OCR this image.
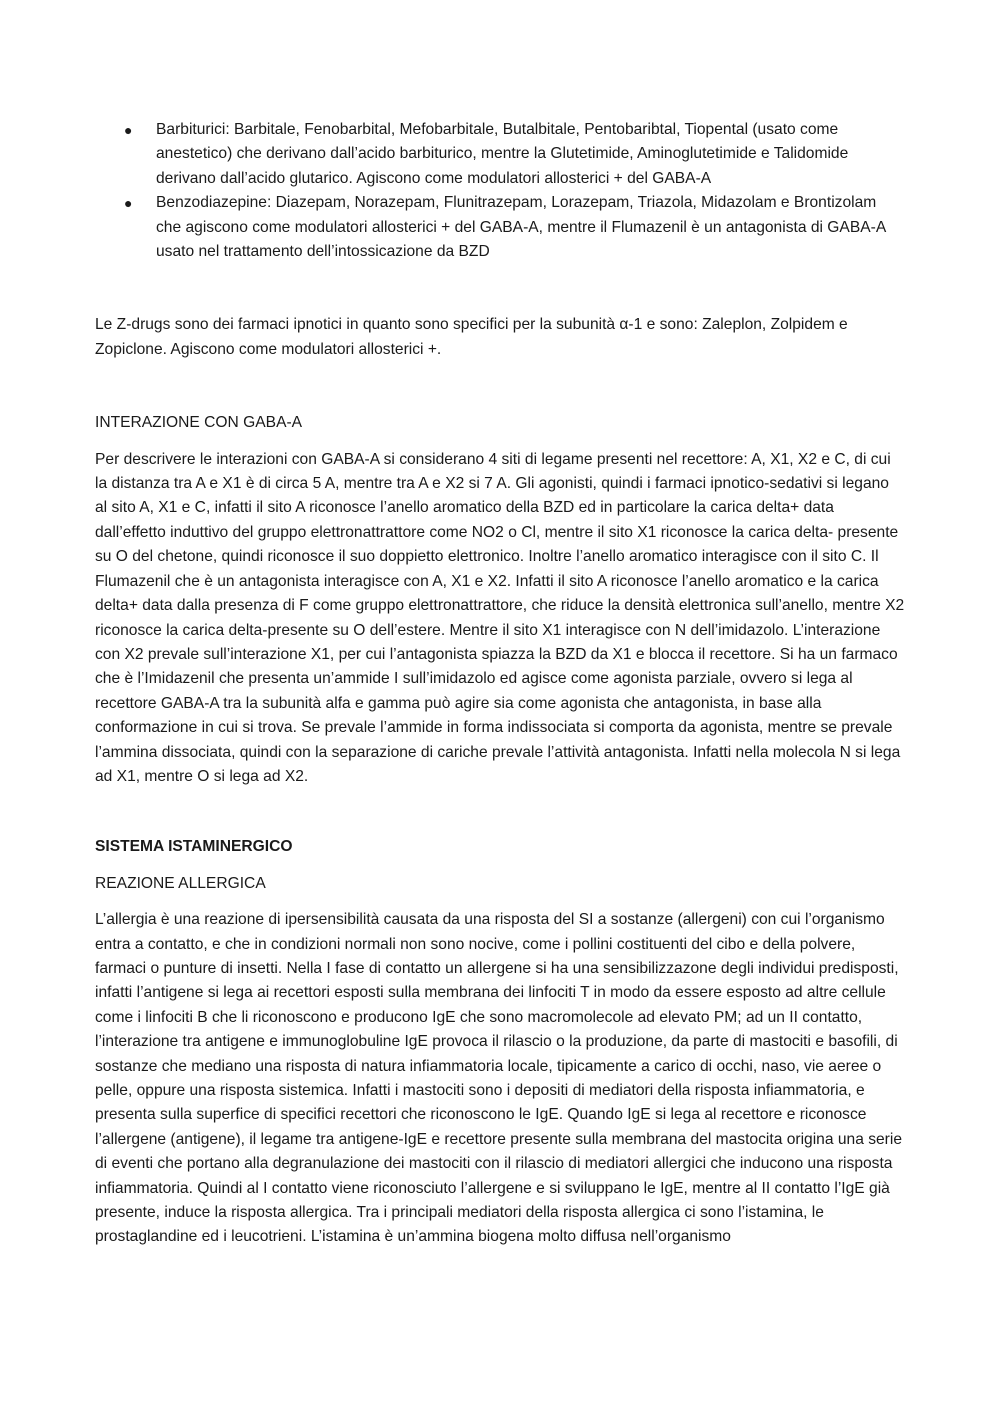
● Barbiturici: Barbitale, Fenobarbital, Mefobarbitale, Butalbitale, Pentobaribtal, Tiopental (usato come anestetico) che derivano dall’acido barbiturico, mentre la Glutetimide, Aminoglutetimide e Talidomide derivano dall’acido glutarico. Agiscono come modulatori allosterici + del GABA-A
● Benzodiazepine: Diazepam, Norazepam, Flunitrazepam, Lorazepam, Triazola, Midazolam e Brontizolam che agiscono come modulatori allosterici + del GABA-A, mentre il Flumazenil è un antagonista di GABA-A usato nel trattamento dell’intossicazione da BZD

Le Z-drugs sono dei farmaci ipnotici in quanto sono specifici per la subunità α-1 e sono: Zaleplon, Zolpidem e Zopiclone. Agiscono come modulatori allosterici +.

INTERAZIONE CON GABA-A

Per descrivere le interazioni con GABA-A si considerano 4 siti di legame presenti nel recettore: A, X1, X2 e C, di cui la distanza tra A e X1 è di circa 5 A, mentre tra A e X2 si 7 A. Gli agonisti, quindi i farmaci ipnotico-sedativi si legano al sito A, X1 e C, infatti il sito A riconosce l’anello aromatico della BZD ed in particolare la carica delta+ data dall’effetto induttivo del gruppo elettronattrattore come NO2 o Cl, mentre il sito X1 riconosce la carica delta- presente su O del chetone, quindi riconosce il suo doppietto elettronico. Inoltre l’anello aromatico interagisce con il sito C. Il Flumazenil che è un antagonista interagisce con A, X1 e X2. Infatti il sito A riconosce l’anello aromatico e la carica delta+ data dalla presenza di F come gruppo elettronattrattore, che riduce la densità elettronica sull’anello, mentre X2 riconosce la carica delta-presente su O dell’estere. Mentre il sito X1 interagisce con N dell’imidazolo. L’interazione con X2 prevale sull’interazione X1, per cui l’antagonista spiazza la BZD da X1 e blocca il recettore. Si ha un farmaco che è l’Imidazenil che presenta un’ammide I sull’imidazolo ed agisce come agonista parziale, ovvero si lega al recettore GABA-A tra la subunità alfa e gamma può agire sia come agonista che antagonista, in base alla conformazione in cui si trova. Se prevale l’ammide in forma indissociata si comporta da agonista, mentre se prevale l’ammina dissociata, quindi con la separazione di cariche prevale l’attività antagonista. Infatti nella molecola N si lega ad X1, mentre O si lega ad X2.

SISTEMA ISTAMINERGICO

REAZIONE ALLERGICA

L’allergia è una reazione di ipersensibilità causata da una risposta del SI a sostanze (allergeni) con cui l’organismo entra a contatto, e che in condizioni normali non sono nocive, come i pollini costituenti del cibo e della polvere, farmaci o punture di insetti. Nella I fase di contatto un allergene si ha una sensibilizzazone degli individui predisposti, infatti l’antigene si lega ai recettori esposti sulla membrana dei linfociti T in modo da essere esposto ad altre cellule come i linfociti B che li riconoscono e producono IgE che sono macromolecole ad elevato PM; ad un II contatto, l’interazione tra antigene e immunoglobuline IgE provoca il rilascio o la produzione, da parte di mastociti e basofili, di sostanze che mediano una risposta di natura infiammatoria locale, tipicamente a carico di occhi, naso, vie aeree o pelle, oppure una risposta sistemica. Infatti i mastociti sono i depositi di mediatori della risposta infiammatoria, e presenta sulla superfice di specifici recettori che riconoscono le IgE. Quando IgE si lega al recettore e riconosce l’allergene (antigene), il legame tra antigene-IgE e recettore presente sulla membrana del mastocita origina una serie di eventi che portano alla degranulazione dei mastociti con il rilascio di mediatori allergici che inducono una risposta infiammatoria. Quindi al I contatto viene riconosciuto l’allergene e si sviluppano le IgE, mentre al II contatto l’IgE già presente, induce la risposta allergica. Tra i principali mediatori della risposta allergica ci sono l’istamina, le prostaglandine ed i leucotrieni. L’istamina è un’ammina biogena molto diffusa nell’organismo
